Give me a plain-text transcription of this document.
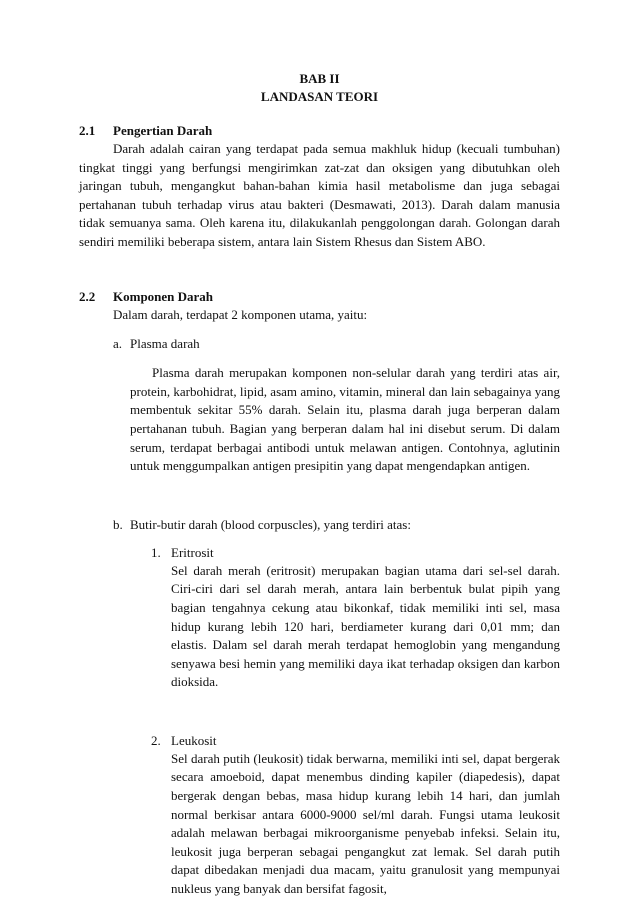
BAB II
LANDASAN TEORI
2.1	Pengertian Darah

Darah adalah cairan yang terdapat pada semua makhluk hidup (kecuali tumbuhan) tingkat tinggi yang berfungsi mengirimkan zat-zat dan oksigen yang dibutuhkan oleh jaringan tubuh, mengangkut bahan-bahan kimia hasil metabolisme dan juga sebagai pertahanan tubuh terhadap virus atau bakteri (Desmawati, 2013). Darah dalam manusia tidak semuanya sama. Oleh karena itu, dilakukanlah penggolongan darah. Golongan darah sendiri memiliki beberapa sistem, antara lain Sistem Rhesus dan Sistem ABO.

2.2	Komponen Darah

Dalam darah, terdapat 2 komponen utama, yaitu:

a. Plasma darah

Plasma darah merupakan komponen non-selular darah yang terdiri atas air, protein, karbohidrat, lipid, asam amino, vitamin, mineral dan lain sebagainya yang membentuk sekitar 55% darah. Selain itu, plasma darah juga berperan dalam pertahanan tubuh. Bagian yang berperan dalam hal ini disebut serum. Di dalam serum, terdapat berbagai antibodi untuk melawan antigen. Contohnya, aglutinin untuk menggumpalkan antigen presipitin yang dapat mengendapkan antigen.

b. Butir-butir darah (blood corpuscles), yang terdiri atas:
1. Eritrosit

Sel darah merah (eritrosit) merupakan bagian utama dari sel-sel darah. Ciri-ciri dari sel darah merah, antara lain berbentuk bulat pipih yang bagian tengahnya cekung atau bikonkaf, tidak memiliki inti sel, masa hidup kurang lebih 120 hari, berdiameter kurang dari 0,01 mm; dan elastis. Dalam sel darah merah terdapat hemoglobin yang mengandung senyawa besi hemin yang memiliki daya ikat terhadap oksigen dan karbon dioksida.

2. Leukosit

Sel darah putih (leukosit) tidak berwarna, memiliki inti sel, dapat bergerak secara amoeboid, dapat menembus dinding kapiler (diapedesis), dapat bergerak dengan bebas, masa hidup kurang lebih 14 hari, dan jumlah normal berkisar antara 6000-9000 sel/ml darah. Fungsi utama leukosit adalah melawan berbagai mikroorganisme penyebab infeksi. Selain itu, leukosit juga berperan sebagai pengangkut zat lemak. Sel darah putih dapat dibedakan menjadi dua macam, yaitu granulosit yang mempunyai nukleus yang banyak dan bersifat fagosit,
